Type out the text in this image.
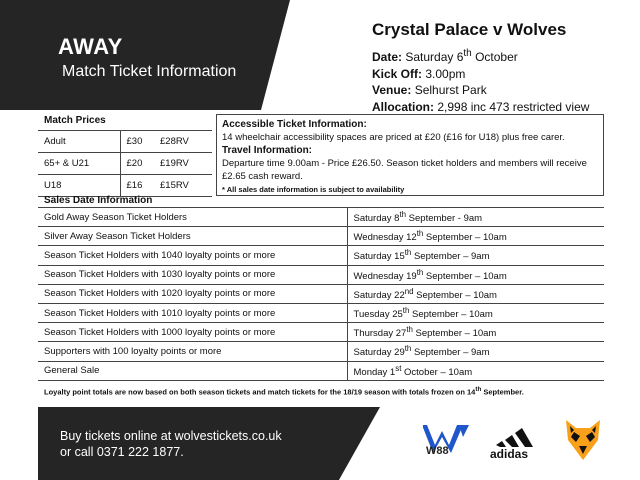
AWAY
Match Ticket Information
Crystal Palace v Wolves
Date: Saturday 6th October
Kick Off: 3.00pm
Venue: Selhurst Park
Allocation: 2,998 inc 473 restricted view
Match Prices		
Adult	£30	£28RV
65+ & U21	£20	£19RV
U18	£16	£15RV
Accessible Ticket Information:
14 wheelchair accessibility spaces are priced at £20 (£16 for U18) plus free carer.
Travel Information:
Departure time 9.00am - Price £26.50. Season ticket holders and members will receive £2.65 cash reward.
* All sales date information is subject to availability
Sales Date Information
Gold Away Season Ticket Holders	Saturday 8th September - 9am
Silver Away Season Ticket Holders	Wednesday 12th September – 10am
Season Ticket Holders with 1040 loyalty points or more	Saturday 15th September – 9am
Season Ticket Holders with 1030 loyalty points or more	Wednesday 19th September – 10am
Season Ticket Holders with 1020 loyalty points or more	Saturday 22nd September – 10am
Season Ticket Holders with 1010 loyalty points or more	Tuesday 25th September – 10am
Season Ticket Holders with 1000 loyalty points or more	Thursday 27th September – 10am
Supporters with 100 loyalty points or more	Saturday 29th September – 9am
General Sale	Monday 1st October – 10am
Loyalty point totals are now based on both season tickets and match tickets for the 18/19 season with totals frozen on 14th September.
Buy tickets online at wolvestickets.co.uk
or call 0371 222 1877.	W88	adidas
